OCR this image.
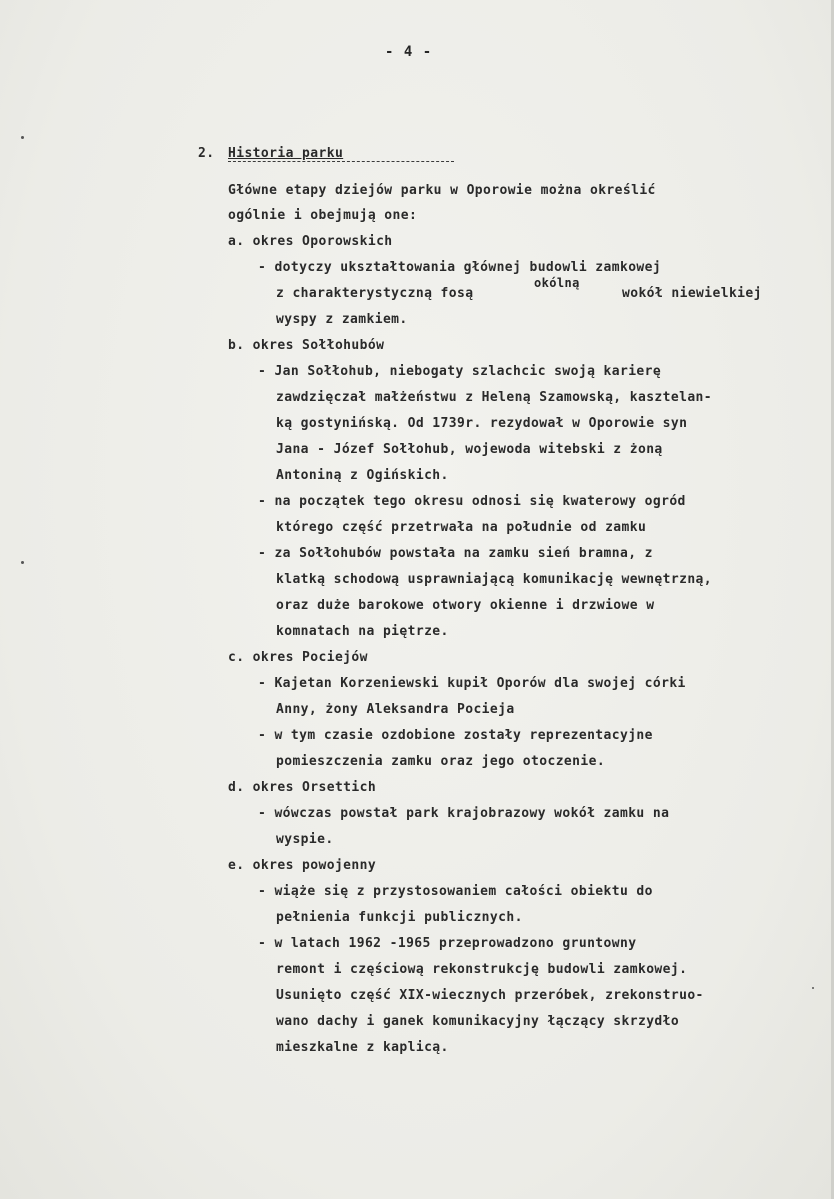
- 4 -
2. Historia parku
Główne etapy dziejów parku w Oporowie można określić
ogólnie i obejmują one:
a. okres Oporowskich
- dotyczy ukształtowania głównej budowli zamkowej
z charakterystyczną fosą
okólną
wokół niewielkiej
wyspy z zamkiem.
b. okres Sołłohubów
- Jan Sołłohub, niebogaty szlachcic swoją karierę
zawdzięczał małżeństwu z Heleną Szamowską, kasztelan-
ką gostynińską. Od 1739r. rezydował w Oporowie syn
Jana - Józef Sołłohub, wojewoda witebski z żoną
Antoniną z Ogińskich.
- na początek tego okresu odnosi się kwaterowy ogród
którego część przetrwała na południe od zamku
- za Sołłohubów powstała na zamku sień bramna, z
klatką schodową usprawniającą komunikację wewnętrzną,
oraz duże barokowe otwory okienne i drzwiowe w
komnatach na piętrze.
c. okres Pociejów
- Kajetan Korzeniewski kupił Oporów dla swojej córki
Anny, żony Aleksandra Pocieja
- w tym czasie ozdobione zostały reprezentacyjne
pomieszczenia zamku oraz jego otoczenie.
d. okres Orsettich
- wówczas powstał park krajobrazowy wokół zamku na
wyspie.
e. okres powojenny
- wiąże się z przystosowaniem całości obiektu do
pełnienia funkcji publicznych.
- w latach 1962 -1965 przeprowadzono gruntowny
remont i częściową rekonstrukcję budowli zamkowej.
Usunięto część XIX-wiecznych przeróbek, zrekonstruo-
wano dachy i ganek komunikacyjny łączący skrzydło
mieszkalne z kaplicą.
